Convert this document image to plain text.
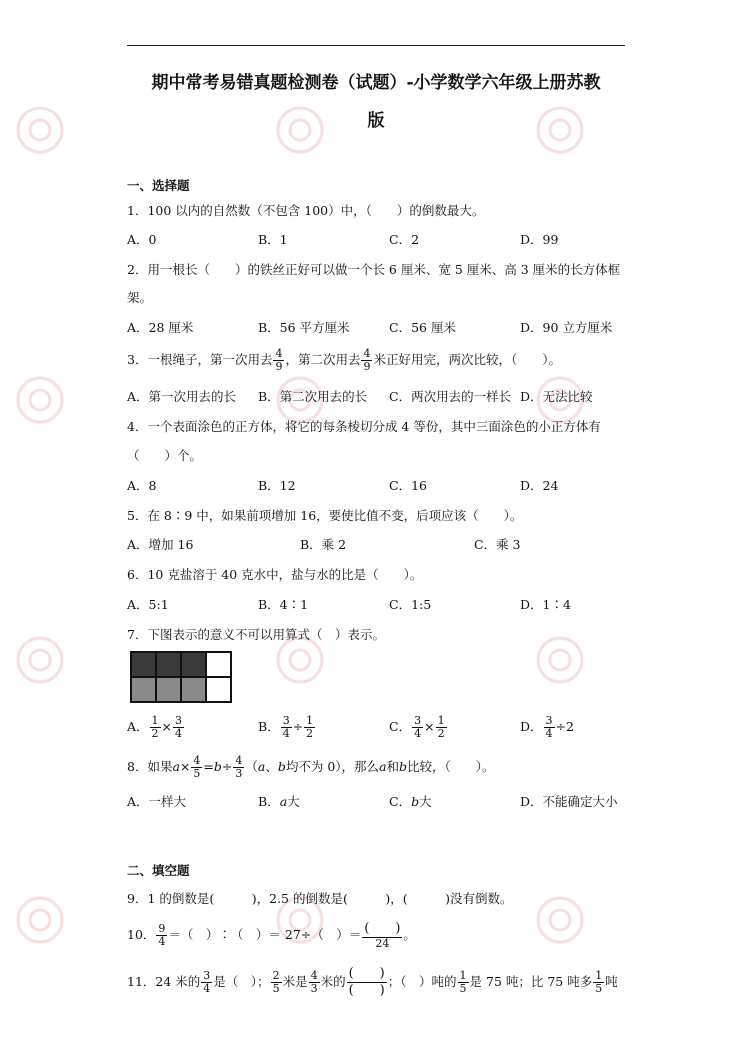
期中常考易错真题检测卷（试题）-小学数学六年级上册苏教
版
一、选择题
1．100 以内的自然数（不包含 100）中，（　　）的倒数最大。
A．0	B．1	C．2	D．99
2．用一根长（　　）的铁丝正好可以做一个长 6 厘米、宽 5 厘米、高 3 厘米的长方体框
架。
A．28 厘米	B．56 平方厘米	C．56 厘米	D．90 立方厘米
3．一根绳子，第一次用去 $\frac{4}{9}$ ，第二次用去 $\frac{4}{9}$ 米正好用完，两次比较，（　　）。
A．第一次用去的长 B．第二次用去的长 C．两次用去的一样长 D．无法比较
4．一个表面涂色的正方体，将它的每条棱切分成 4 等份，其中三面涂色的小正方体有
（　　）个。
A．8	B．12	C．16	D．24
5．在 8∶9 中，如果前项增加 16，要使比值不变，后项应该（　　）。
A．增加 16	B．乘 2	C．乘 3
6．10 克盐溶于 40 克水中，盐与水的比是（　　）。
A．5:1	B．4∶1	C．1:5	D．1∶4
7．下图表示的意义不可以用算式（　）表示。
A． $\frac{1}{2} \times \frac{3}{4}$	B． $\frac{3}{4} \div \frac{1}{2}$	C． $\frac{3}{4} \times \frac{1}{2}$	D． $\frac{3}{4} \div 2$
8．如果$a\times \frac{4}{5} =b\div \frac{4}{3} (a$、b均不为 0），那么a和b比较，（　　）。
A．一样大	B．a大	C．b大	D．不能确定大小
二、填空题
9．1 的倒数是(　　　)，2.5 的倒数是(　　　)，(　　　)没有倒数。
10． $\frac{9}{4}$ ＝（　）∶（　）＝ 27÷（　）＝ $\frac{( )}{24}$ 。
11．24 米的 $\frac{3}{4}$ 是（　）； $\frac{2}{5}$ 米是 $\frac{4}{3}$ 米的 $\frac{( )}{( )}$ ；（　）吨的 $\frac{1}{5}$ 是 75 吨；比 75 吨多 $\frac{1}{5}$ 吨
